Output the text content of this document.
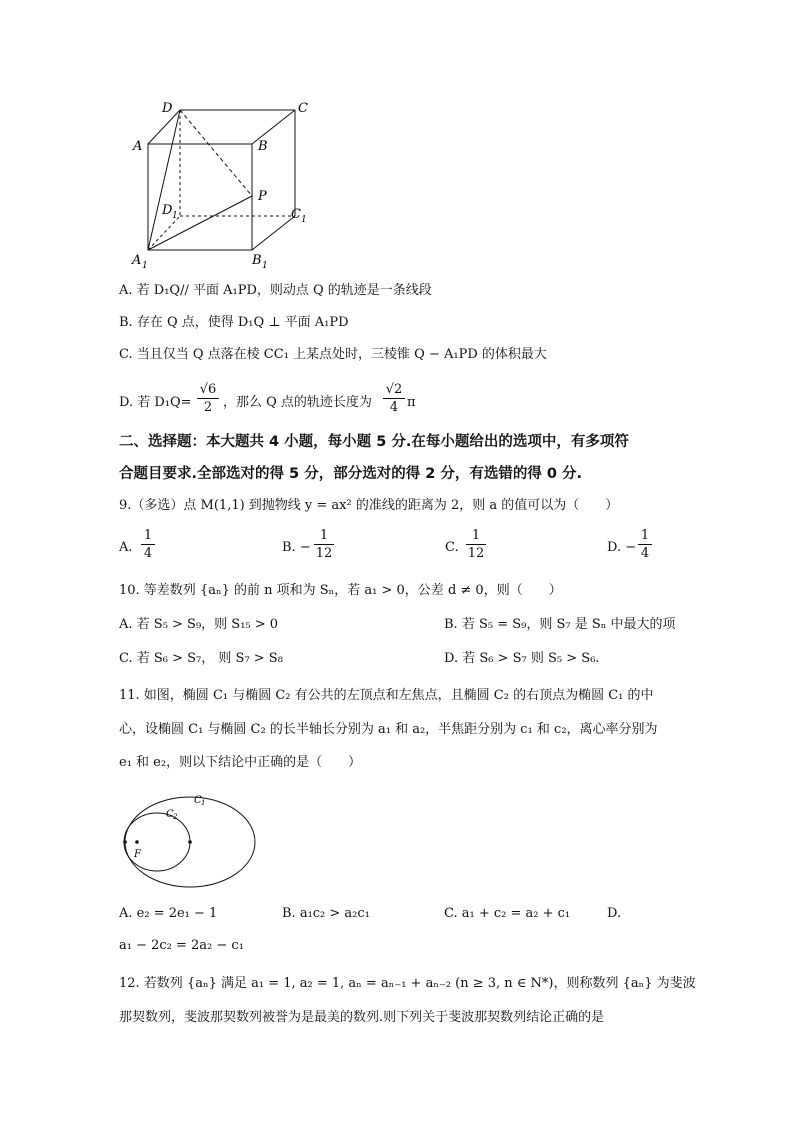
D	C
A	B
P
D 1	C 1
A 1	B 1
A. 若 D₁Q// 平面 A₁PD，则动点 Q 的轨迹是一条线段
B. 存在 Q 点，使得 D₁Q ⊥ 平面 A₁PD
C. 当且仅当 Q 点落在棱 CC₁ 上某点处时，三棱锥 Q − A₁PD 的体积最大
D. 若 D₁Q=
√6
2 ，那么 Q 点的轨迹长度为
√2
4 π
二、选择题：本大题共 4 小题，每小题 5 分.在每小题给出的选项中，有多项符
合题目要求.全部选对的得 5 分，部分选对的得 2 分，有选错的得 0 分.
9.（多选）点 M(1,1) 到抛物线 y = ax² 的准线的距离为 2，则 a 的值可以为（　　）
A.
1
4	B. −
1
12	C.
1
12	D. −
1
4
10. 等差数列 {aₙ} 的前 n 项和为 Sₙ，若 a₁ > 0，公差 d ≠ 0，则（　　）
A. 若 S₅ > S₉，则 S₁₅ > 0	B. 若 S₅ = S₉，则 S₇ 是 Sₙ 中最大的项
C. 若 S₆ > S₇， 则 S₇ > S₈	D. 若 S₆ > S₇ 则 S₅ > S₆.
11. 如图，椭圆 C₁ 与椭圆 C₂ 有公共的左顶点和左焦点，且椭圆 C₂ 的右顶点为椭圆 C₁ 的中
心，设椭圆 C₁ 与椭圆 C₂ 的长半轴长分别为 a₁ 和 a₂，半焦距分别为 c₁ 和 c₂，离心率分别为
e₁ 和 e₂，则以下结论中正确的是（　　）
C 1
C 2
F
A. e₂ = 2e₁ − 1	B. a₁c₂ > a₂c₁	C. a₁ + c₂ = a₂ + c₁	D.
a₁ − 2c₂ = 2a₂ − c₁
12. 若数列 {aₙ} 满足 a₁ = 1, a₂ = 1, aₙ = aₙ₋₁ + aₙ₋₂ (n ≥ 3, n ∈ N*)，则称数列 {aₙ} 为斐波
那契数列，斐波那契数列被誉为是最美的数列.则下列关于斐波那契数列结论正确的是
